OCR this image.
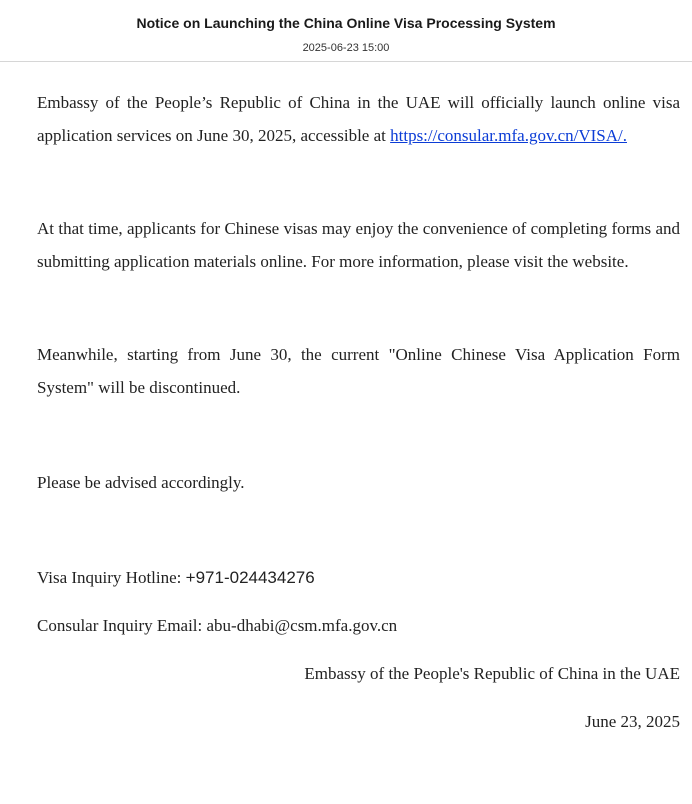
Notice on Launching the China Online Visa Processing System
2025-06-23 15:00

Embassy of the People’s Republic of China in the UAE will officially launch online visa application services on June 30, 2025, accessible at https://consular.mfa.gov.cn/VISA/.

At that time, applicants for Chinese visas may enjoy the convenience of completing forms and submitting application materials online. For more information, please visit the website.

Meanwhile, starting from June 30, the current "Online Chinese Visa Application Form System" will be discontinued.

Please be advised accordingly.

Visa Inquiry Hotline: +971-024434276

Consular Inquiry Email: abu-dhabi@csm.mfa.gov.cn

Embassy of the People's Republic of China in the UAE

June 23, 2025
